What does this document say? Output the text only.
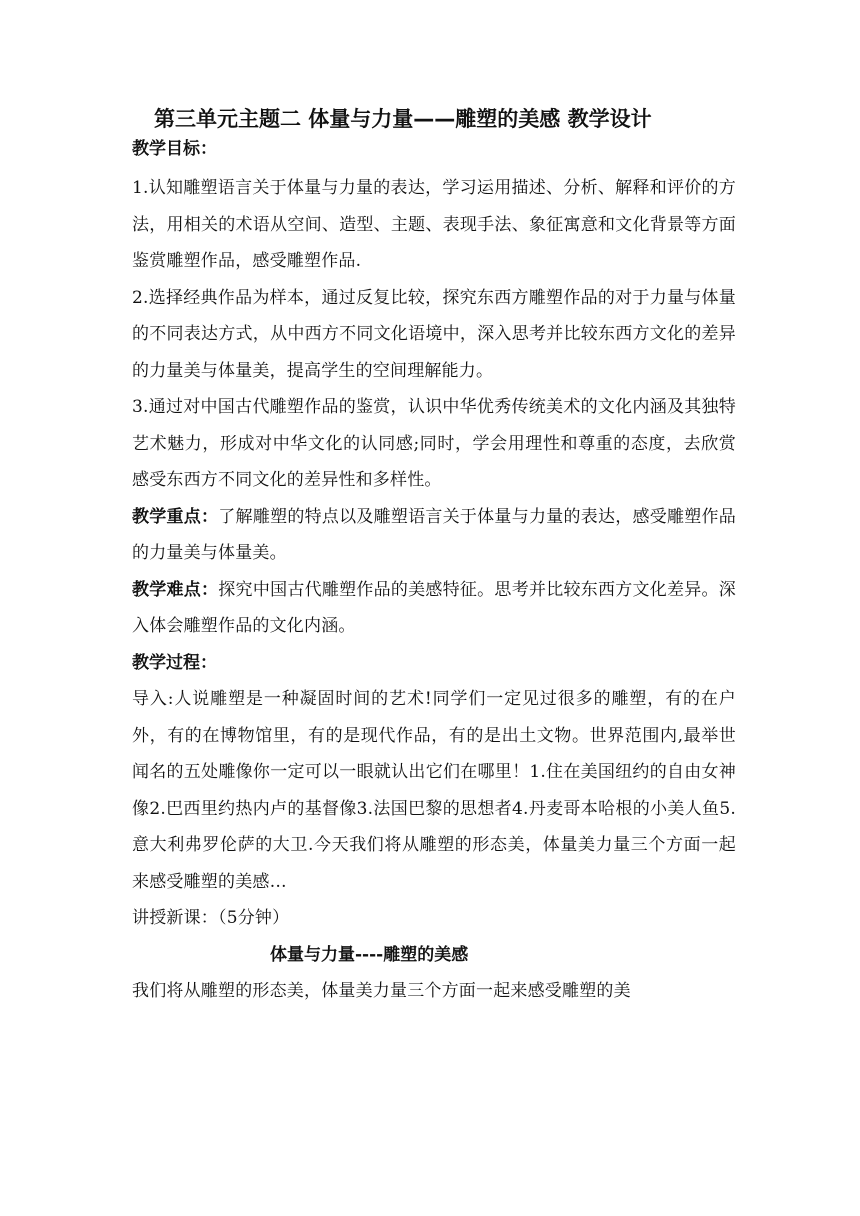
第三单元主题二 体量与力量——雕塑的美感 教学设计
教学目标：

1.认知雕塑语言关于体量与力量的表达，学习运用描述、分析、解释和评价的方法，用相关的术语从空间、造型、主题、表现手法、象征寓意和文化背景等方面鉴赏雕塑作品，感受雕塑作品.

2.选择经典作品为样本，通过反复比较，探究东西方雕塑作品的对于力量与体量的不同表达方式，从中西方不同文化语境中，深入思考并比较东西方文化的差异的力量美与体量美，提高学生的空间理解能力。

3.通过对中国古代雕塑作品的鉴赏，认识中华优秀传统美术的文化内涵及其独特艺术魅力，形成对中华文化的认同感;同时，学会用理性和尊重的态度，去欣赏感受东西方不同文化的差异性和多样性。

教学重点：了解雕塑的特点以及雕塑语言关于体量与力量的表达，感受雕塑作品的力量美与体量美。

教学难点：探究中国古代雕塑作品的美感特征。思考并比较东西方文化差异。深入体会雕塑作品的文化内涵。

教学过程：

导入:人说雕塑是一种凝固时间的艺术!同学们一定见过很多的雕塑，有的在户外，有的在博物馆里，有的是现代作品，有的是出土文物。世界范围内,最举世闻名的五处雕像你一定可以一眼就认出它们在哪里！1.住在美国纽约的自由女神像2.巴西里约热内卢的基督像3.法国巴黎的思想者4.丹麦哥本哈根的小美人鱼5.意大利弗罗伦萨的大卫.今天我们将从雕塑的形态美，体量美力量三个方面一起来感受雕塑的美感…

讲授新课：（5分钟）

体量与力量----雕塑的美感

我们将从雕塑的形态美，体量美力量三个方面一起来感受雕塑的美
